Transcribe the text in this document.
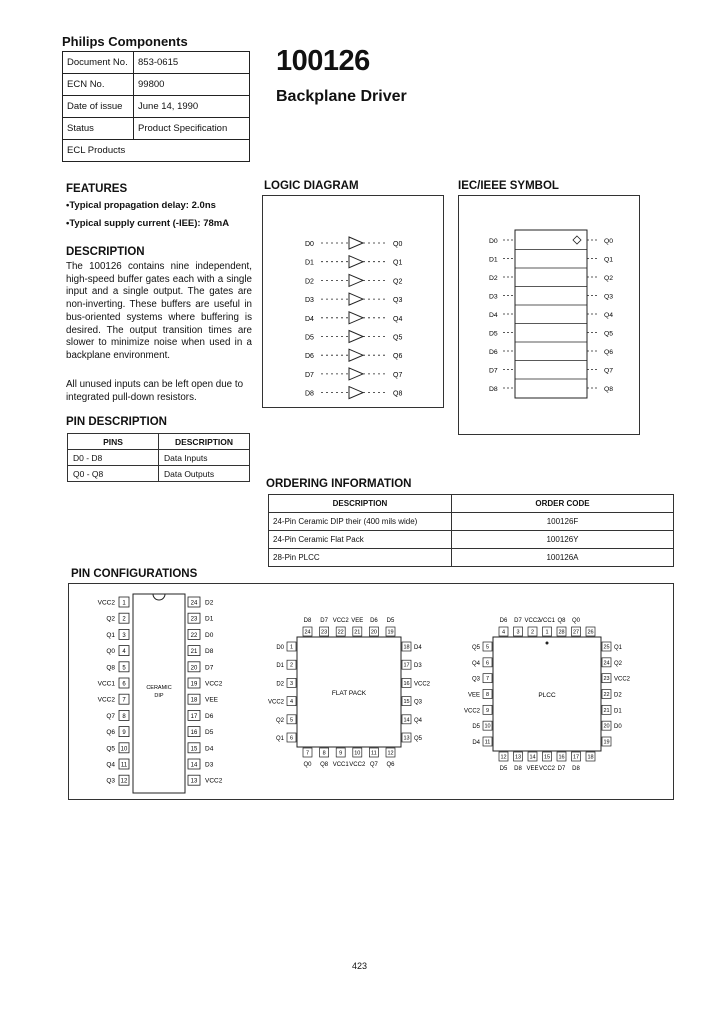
Philips Components
Document No.	853-0615
ECN No.	99800
Date of issue	June 14, 1990
Status	Product Specification
ECL Products	
100126
Backplane Driver
FEATURES
•Typical propagation delay: 2.0ns
•Typical supply current (-IEE): 78mA
DESCRIPTION
The 100126 contains nine independent, high-speed buffer gates each with a single input and a single output. The gates are non-inverting. These buffers are useful in bus-oriented systems where buffering is desired. The output transition times are slower to minimize noise when used in a backplane environment.
All unused inputs can be left open due to integrated pull-down resistors.
PIN DESCRIPTION
PINS	DESCRIPTION
D0 - D8	Data Inputs
Q0 - Q8	Data Outputs
LOGIC DIAGRAM
D0	Q0
D1	Q1
D2	Q2
D3	Q3
D4	Q4
D5	Q5
D6	Q6
D7	Q7
D8	Q8
IEC/IEEE SYMBOL
D0	Q0
D1	Q1
D2	Q2
D3	Q3
D4	Q4
D5	Q5
D6	Q6
D7	Q7
D8	Q8
ORDERING INFORMATION
DESCRIPTION	ORDER CODE
24-Pin Ceramic DIP their (400 mils wide)	100126F
24-Pin Ceramic Flat Pack	100126Y
28-Pin PLCC	100126A
PIN CONFIGURATIONS
CERAMIC
DIP
1
VCC2	24 D2
2
Q2	23 D1
3
Q1	22 D0
4
Q0	21 D8
5
Q8	20 D7
6
VCC1	19 VCC2
7
VCC2	18 VEE
8
Q7	17 D6
9
Q6	16 D5
10
Q5	15 D4
11
Q4	14 D3
12
Q3	13 VCC2
FLAT PACK
24
D8
23
D7
22
VCC2
21
VEE
20
D6
19
D5
1
D0
2
D1
3
D2
4
VCC2
5
Q2
6
Q1
18 D4
17 D3
16 VCC2
15 Q3
14 Q4
13 Q5
7
Q0
8
Q8
9
VCC1
10
VCC2
11
Q7
12
Q6
PLCC
4
D6
3
D7
2
VCC2
1
VCC1
28
Q8
27
Q0
26
5
Q5
6
Q4
7
Q3
8
VEE
9
VCC2
10
D5
11
D4
25 Q1
24 Q2
23 VCC2
22 D2
21 D1
20 D0
19
12
D5
13
D8
14
VEE
15
VCC2
16
D7
17
D8
18
423
